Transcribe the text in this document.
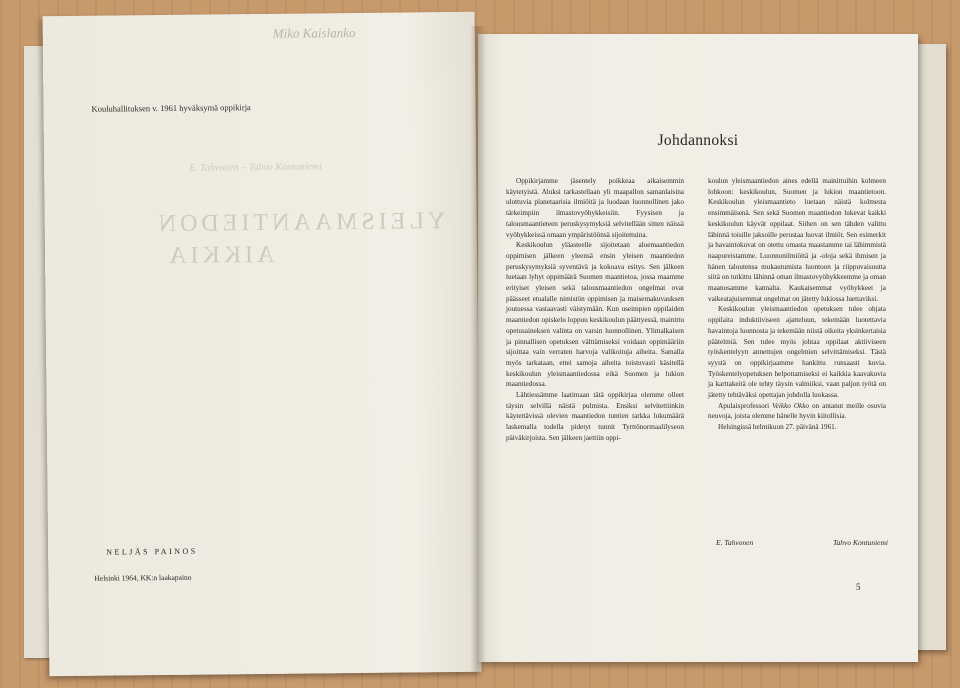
Miko Kaislanko
Kouluhallituksen v. 1961 hyväksymä oppikirja
E. Tahvonen – Tahvo Kontuniemi
YLEISMAANTIEDON
AIKKIA
NELJÄS PAINOS
Helsinki 1964, KK:n laakapaino
Johdannoksi

Oppikirjamme jäsentely poikkeaa aikaisemmin käytetyistä. Aluksi tarkastellaan yli maapallon samanlaisina ulottuvia planetaarisia ilmiöitä ja luodaan luonnollinen jako tärkeimpiin ilmastovyöhykkeisiin. Fyysisen ja talousmaantieteen peruskysymyksiä selvitellään sitten näissä vyöhykkeissä omaan ympäristöönsä sijoitettuina.

Keskikoulun yläasteelle sijoitetaan aluemaantiedon oppimisen jälkeen yleensä ensin yleisen maantiedon peruskysymyksiä syventävä ja kokoava esitys. Sen jälkeen luetaan lyhyt oppimäärä Suomen maantietoa, jossa maamme erityiset yleisen sekä talousmaantiedon ongelmat ovat päässeet etualalle nimistön oppimisen ja maisemakuvauksen joutuessa vastaavasti väistymään. Kun useimpien oppilaiden maantiedon opiskelu loppuu keskikoulun päättyessä, mainittu opetusaineksen valinta on varsin luonnollinen. Ylimalkaisen ja pinnallisen opetuksen välttämiseksi voidaan oppimääriin sijoittaa vain verraten harvoja valikoituja aiheita. Samalla myös tarkataan, ettei samoja aiheita toistuvasti käsitellä keskikoulun yleismaantiedossa eikä Suomen ja lukion maantiedossa.

Lähtiessämme laatimaan tätä oppikirjaa olemme olleet täysin selvillä näistä pulmista. Ensiksi selvitettiinkin käytettävissä olevien maantiedon tuntien tarkka lukumäärä laskemalla todella pidetyt tunnit Tyrttönormaalilyseon päiväkirjoista. Sen jälkeen jaettiin oppi-

koulun yleismaantiedon aines edellä mainittuihin kolmeen lohkoon: keskikoulun, Suomen ja lukion maantietoon. Keskikoulun yleismaantieto luetaan näistä kolmesta ensimmäisenä. Sen sekä Suomen maantiedon lukevat kaikki keskikoulun käyvät oppilaat. Siihen on sen tähden valittu lähinnä toisille jaksoille perustaa luovat ilmiöt. Sen esimerkit ja havaintokuvat on otettu omasta maastamme tai lähimmistä naapureistamme. Luonnonilmiöitä ja -oloja sekä ihmisen ja hänen taloutensa mukautumista luontoon ja riippuvaisuutta siitä on tutkittu lähinnä oman ilmastovyöhykkeemme ja oman maanosamme kannalta. Kaukaisemmat vyöhykkeet ja vaikeatajuisemmat ongelmat on jätetty lukiossa luettaviksi.

Keskikoulun yleismaantiedon opetuksen tulee ohjata oppilaita induktiiviseen ajatteluun, tekemään luotettavia havaintoja luonnosta ja tekemään niistä oikeita yksinkertaisia päätelmiä. Sen tulee myös johtaa oppilaat aktiiviseen työskentelyyn annettujen ongelmien selvittämiseksi. Tästä syystä on oppikirjaamme hankittu runsaasti kuvia. Työskentelyopetuksen helpottamiseksi ei kaikkia kaavakuvia ja karttakeitä ole tehty täysin valmiiksi, vaan paljon työtä on jätetty tehtäväksi opettajan johdolla luokassa.

Apulaisprofessori Veikko Okko on antanut meille osuvia neuvoja, joista olemme hänelle hyvin kiitollisia.

Helsingissä helmikuun 27. päivänä 1961.

E. Tahvonen	Tahvo Kontuniemi
5
